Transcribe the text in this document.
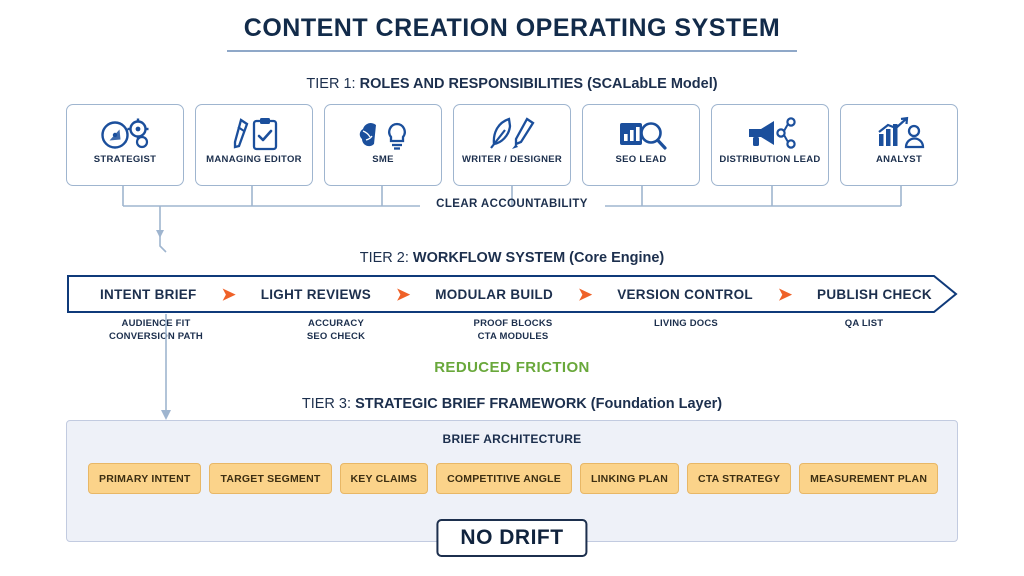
CONTENT CREATION OPERATING SYSTEM
TIER 1: ROLES AND RESPONSIBILITIES (SCALabLE Model)
STRATEGIST	MANAGING EDITOR	SME	WRITER / DESIGNER	SEO LEAD	DISTRIBUTION LEAD	ANALYST
CLEAR ACCOUNTABILITY
TIER 2: WORKFLOW SYSTEM (Core Engine)
INTENT BRIEF ➤ LIGHT REVIEWS ➤ MODULAR BUILD ➤ VERSION CONTROL ➤ PUBLISH CHECK
AUDIENCE FIT
CONVERSION PATH
ACCURACY
SEO CHECK
PROOF BLOCKS
CTA MODULES
LIVING DOCS	QA LIST
REDUCED FRICTION
TIER 3: STRATEGIC BRIEF FRAMEWORK (Foundation Layer)
BRIEF ARCHITECTURE
PRIMARY INTENT	TARGET SEGMENT	KEY CLAIMS	COMPETITIVE ANGLE	LINKING PLAN	CTA STRATEGY	MEASUREMENT PLAN
NO DRIFT
